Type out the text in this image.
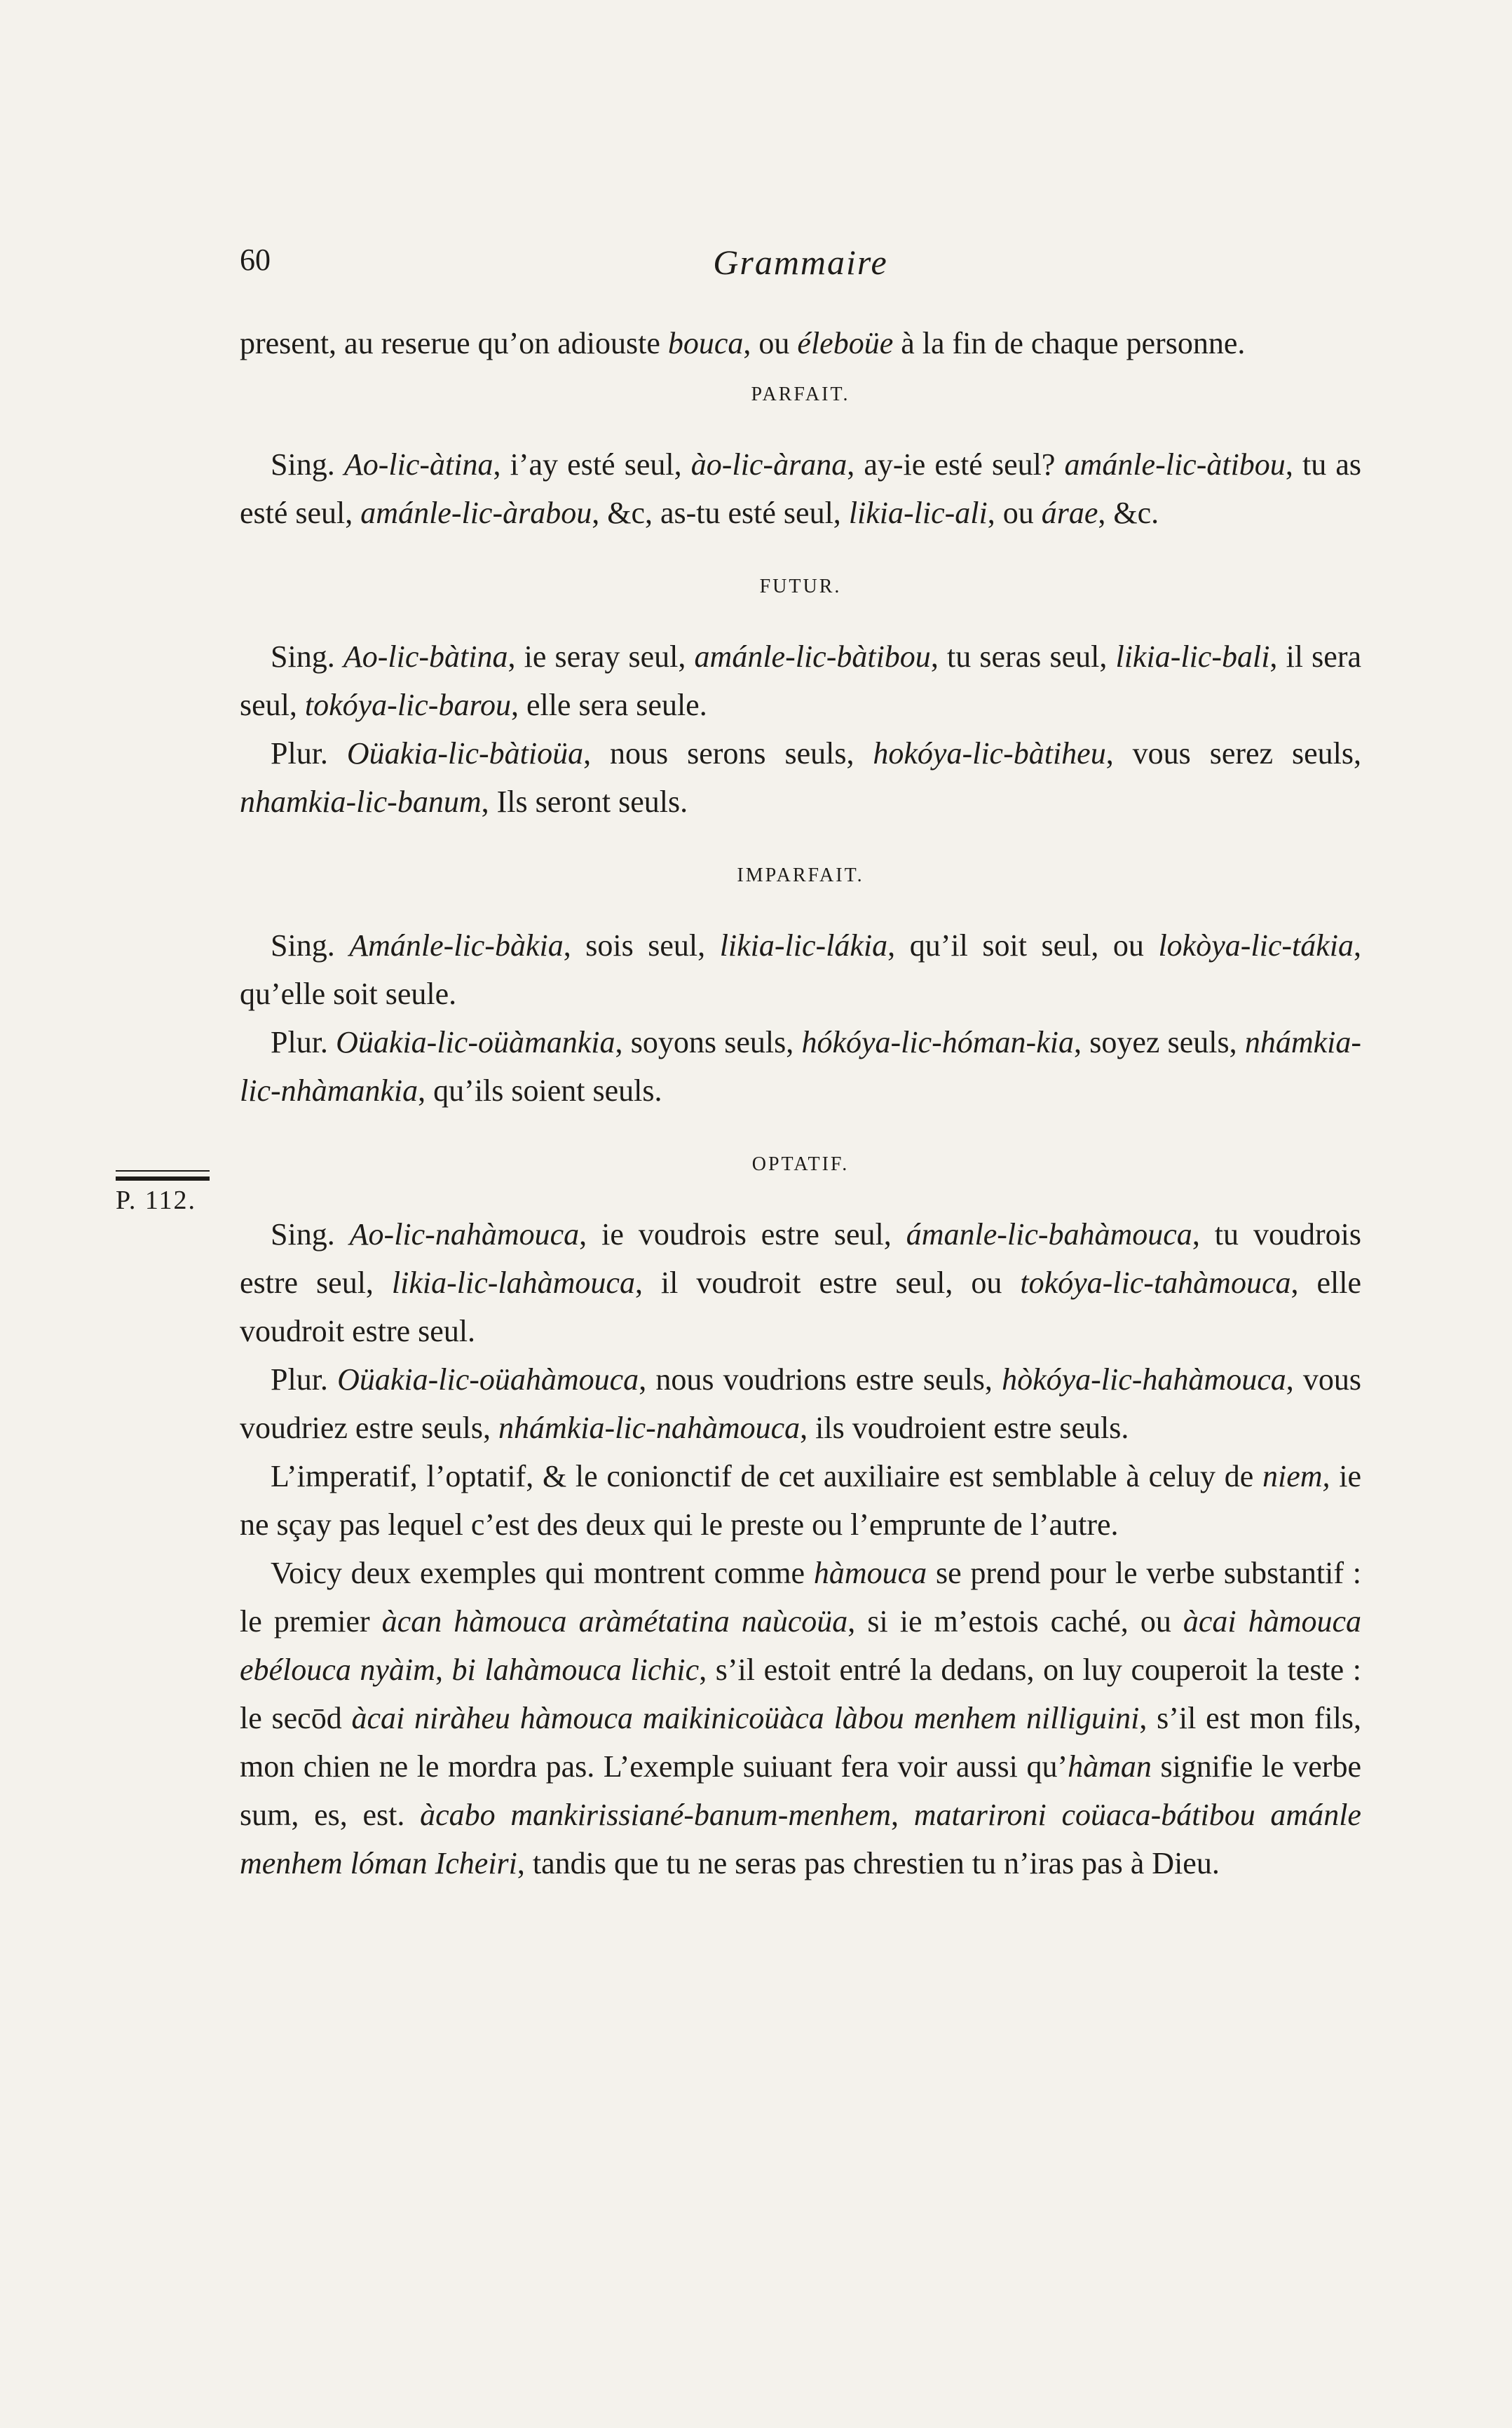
60	Grammaire
P. 112.

present, au reserue qu’on adiouste bouca, ou éleboüe à la fin de chaque personne.

PARFAIT.

Sing. Ao-lic-àtina, i’ay esté seul, ào-lic-àrana, ay-ie esté seul? amánle-lic-àtibou, tu as esté seul, amánle-lic-àrabou, &c, as-tu esté seul, likia-lic-ali, ou árae, &c.

FUTUR.

Sing. Ao-lic-bàtina, ie seray seul, amánle-lic-bàtibou, tu seras seul, likia-lic-bali, il sera seul, tokóya-lic-barou, elle sera seule.

Plur. Oüakia-lic-bàtioüa, nous serons seuls, hokóya-lic-bàtiheu, vous serez seuls, nhamkia-lic-banum, Ils seront seuls.

IMPARFAIT.

Sing. Amánle-lic-bàkia, sois seul, likia-lic-lákia, qu’il soit seul, ou lokòya-lic-tákia, qu’elle soit seule.

Plur. Oüakia-lic-oüàmankia, soyons seuls, hókóya-lic-hóman-kia, soyez seuls, nhámkia-lic-nhàmankia, qu’ils soient seuls.

OPTATIF.

Sing. Ao-lic-nahàmouca, ie voudrois estre seul, ámanle-lic-bahàmouca, tu voudrois estre seul, likia-lic-lahàmouca, il voudroit estre seul, ou tokóya-lic-tahàmouca, elle voudroit estre seul.

Plur. Oüakia-lic-oüahàmouca, nous voudrions estre seuls, hòkóya-lic-hahàmouca, vous voudriez estre seuls, nhámkia-lic-nahàmouca, ils voudroient estre seuls.

L’imperatif, l’optatif, & le conionctif de cet auxiliaire est semblable à celuy de niem, ie ne sçay pas lequel c’est des deux qui le preste ou l’emprunte de l’autre.

Voicy deux exemples qui montrent comme hàmouca se prend pour le verbe substantif : le premier àcan hàmouca aràmétatina naùcoüa, si ie m’estois caché, ou àcai hàmouca ebélouca nyàim, bi lahàmouca lichic, s’il estoit entré la dedans, on luy couperoit la teste : le secōd àcai niràheu hàmouca maikinicoüàca làbou menhem nilliguini, s’il est mon fils, mon chien ne le mordra pas. L’exemple suiuant fera voir aussi qu’hàman signifie le verbe sum, es, est. àcabo mankirissiané-banum-menhem, matarironi coüaca-bátibou amánle menhem lóman Icheiri, tandis que tu ne seras pas chrestien tu n’iras pas à Dieu.
